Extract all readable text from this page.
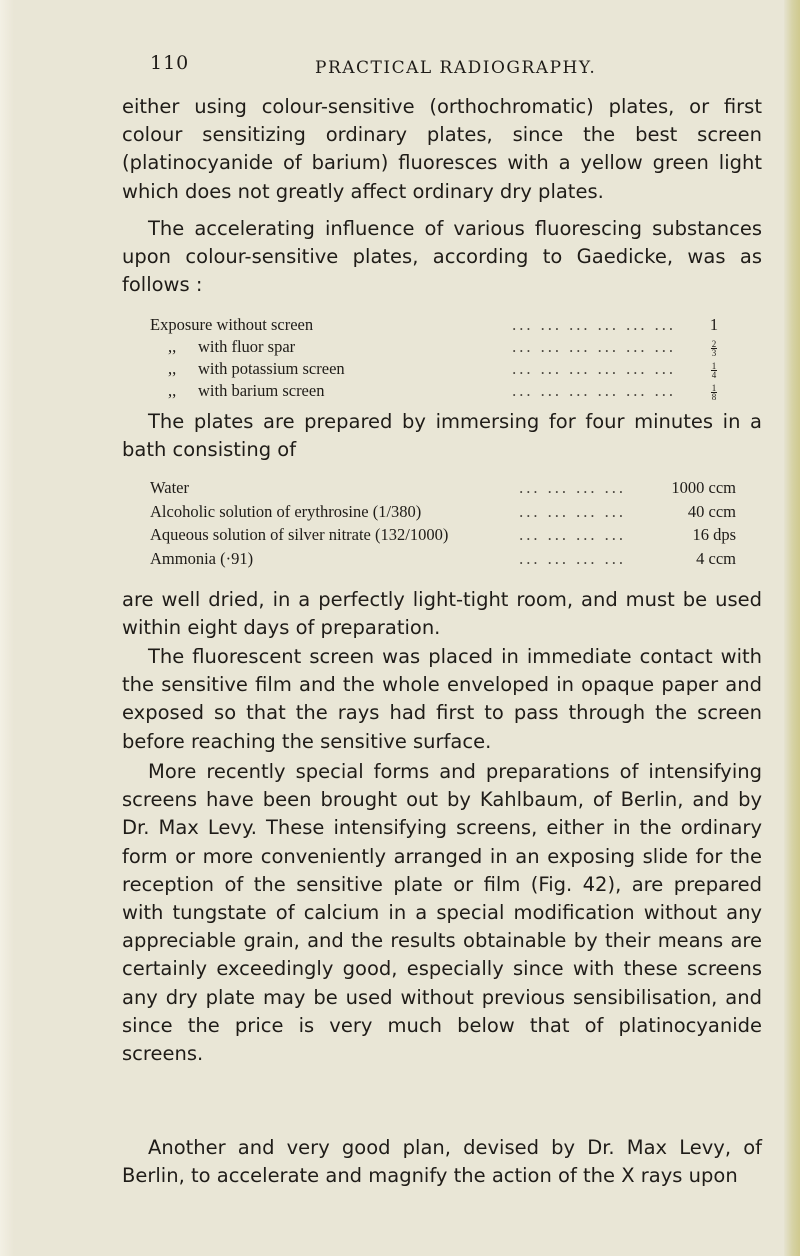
110	PRACTICAL RADIOGRAPHY.

either using colour-sensitive (orthochromatic) plates, or first colour sensitizing ordinary plates, since the best screen (platinocyanide of barium) fluoresces with a yellow green light which does not greatly affect ordinary dry plates.

The accelerating influence of various fluorescing substances upon colour-sensitive plates, according to Gaedicke, was as follows :

Exposure without screen	... ... ... ... ... ...	1
,, with fluor spar	... ... ... ... ... ...	$\frac{2}{3}$
,, with potassium screen	... ... ... ... ... ...	$\frac{1}{4}$
,, with barium screen	... ... ... ... ... ...	$\frac{1}{8}$

The plates are prepared by immersing for four minutes in a bath consisting of

Water	... ... ... ...	1000 ccm
Alcoholic solution of erythrosine (1/380)	... ... ... ...	40 ccm
Aqueous solution of silver nitrate (132/1000)	... ... ... ...	16 dps
Ammonia (·91)	... ... ... ...	4 ccm

are well dried, in a perfectly light-tight room, and must be used within eight days of preparation.

The fluorescent screen was placed in immediate contact with the sensitive film and the whole enveloped in opaque paper and exposed so that the rays had first to pass through the screen before reaching the sensitive surface.

More recently special forms and preparations of intensifying screens have been brought out by Kahlbaum, of Berlin, and by Dr. Max Levy. These intensifying screens, either in the ordinary form or more conveniently arranged in an exposing slide for the reception of the sensitive plate or film (Fig. 42), are prepared with tungstate of calcium in a special modification without any appreciable grain, and the results obtainable by their means are certainly exceedingly good, especially since with these screens any dry plate may be used without previous sensibilisation, and since the price is very much below that of platinocyanide screens.

Another and very good plan, devised by Dr. Max Levy, of Berlin, to accelerate and magnify the action of the X rays upon
